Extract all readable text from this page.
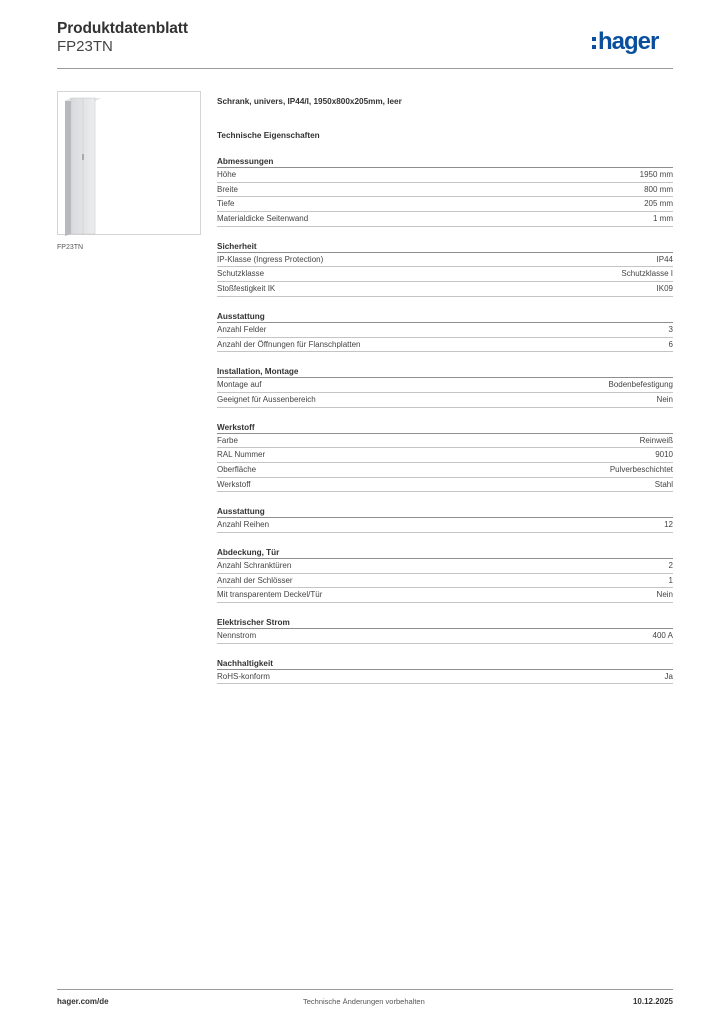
Produktdatenblatt
FP23TN	hager
FP23TN
Schrank, univers, IP44/I, 1950x800x205mm, leer
Technische Eigenschaften
Abmessungen
Höhe	1950 mm
Breite	800 mm
Tiefe	205 mm
Materialdicke Seitenwand	1 mm
Sicherheit
IP-Klasse (Ingress Protection)	IP44
Schutzklasse	Schutzklasse I
Stoßfestigkeit IK	IK09
Ausstattung
Anzahl Felder	3
Anzahl der Öffnungen für Flanschplatten	6
Installation, Montage
Montage auf	Bodenbefestigung
Geeignet für Aussenbereich	Nein
Werkstoff
Farbe	Reinweiß
RAL Nummer	9010
Oberfläche	Pulverbeschichtet
Werkstoff	Stahl
Ausstattung
Anzahl Reihen	12
Abdeckung, Tür
Anzahl Schranktüren	2
Anzahl der Schlösser	1
Mit transparentem Deckel/Tür	Nein
Elektrischer Strom
Nennstrom	400 A
Nachhaltigkeit
RoHS-konform	Ja
hager.com/de	Technische Änderungen vorbehalten	10.12.2025
